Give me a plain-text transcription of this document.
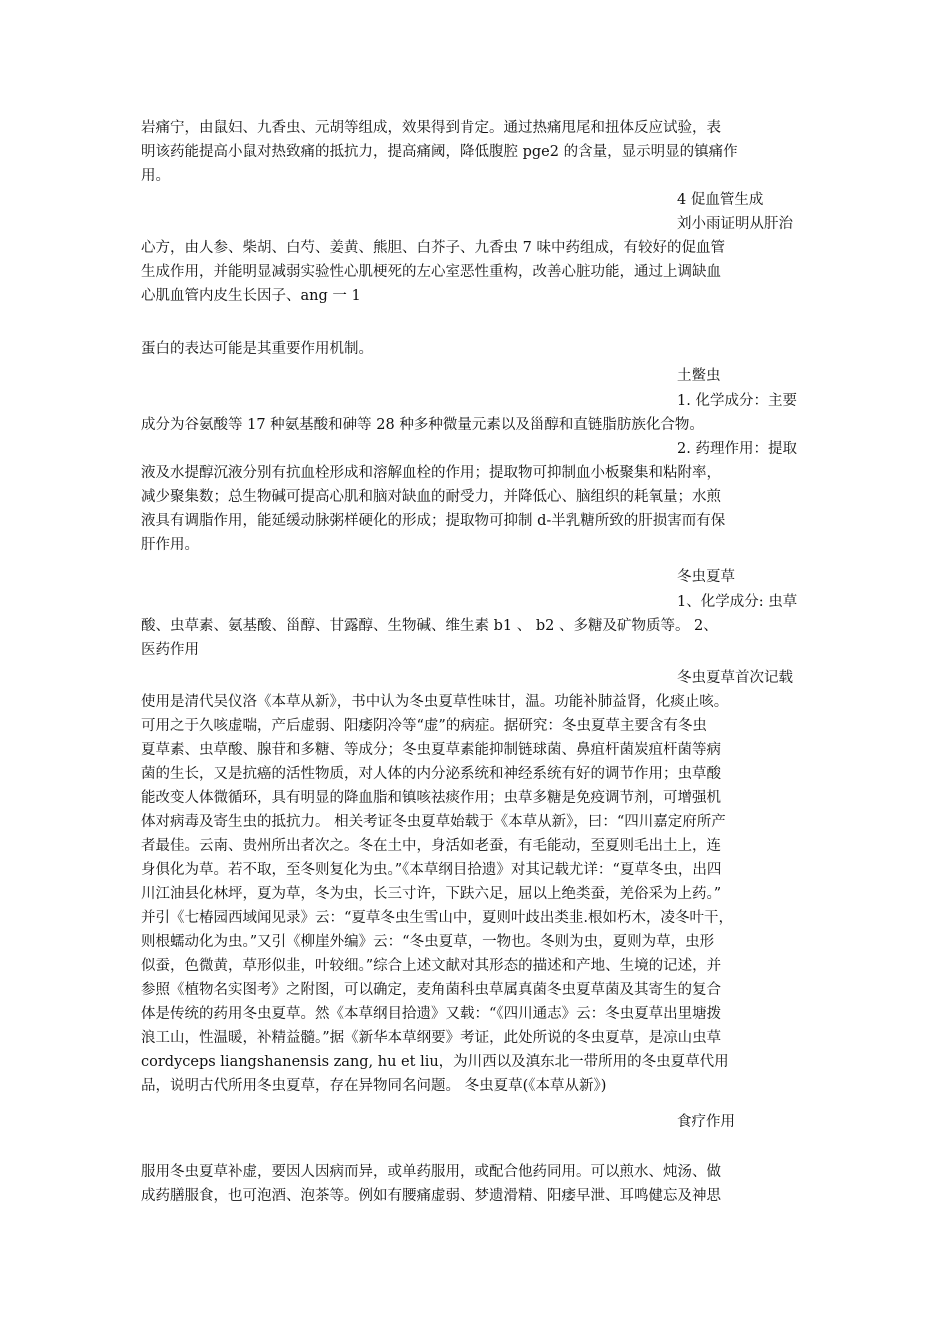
岩痛宁，由鼠妇、九香虫、元胡等组成，效果得到肯定。通过热痛甩尾和扭体反应试验，表
明该药能提高小鼠对热致痛的抵抗力，提高痛阈，降低腹腔 pge2 的含量，显示明显的镇痛作
用。
4 促血管生成
刘小雨证明从肝治
心方，由人参、柴胡、白芍、姜黄、熊胆、白芥子、九香虫 7 味中药组成，有较好的促血管
生成作用，并能明显减弱实验性心肌梗死的左心室恶性重构，改善心脏功能，通过上调缺血
心肌血管内皮生长因子、ang 一 1
蛋白的表达可能是其重要作用机制。
土鳖虫
1. 化学成分：主要
成分为谷氨酸等 17 种氨基酸和砷等 28 种多种微量元素以及甾醇和直链脂肪族化合物。
2. 药理作用：提取
液及水提醇沉液分别有抗血栓形成和溶解血栓的作用；提取物可抑制血小板聚集和粘附率，
减少聚集数；总生物碱可提高心肌和脑对缺血的耐受力，并降低心、脑组织的耗氧量；水煎
液具有调脂作用，能延缓动脉粥样硬化的形成；提取物可抑制 d-半乳糖所致的肝损害而有保
肝作用。
冬虫夏草
1、化学成分: 虫草
酸、虫草素、氨基酸、甾醇、甘露醇、生物碱、维生素 b1 、 b2 、多糖及矿物质等。 2、
医药作用
冬虫夏草首次记载
使用是清代吴仪洛《本草从新》，书中认为冬虫夏草性味甘，温。功能补肺益肾，化痰止咳。
可用之于久咳虚喘，产后虚弱、阳痿阴冷等“虚”的病症。据研究：冬虫夏草主要含有冬虫
夏草素、虫草酸、腺苷和多糖、等成分；冬虫夏草素能抑制链球菌、鼻疽杆菌炭疽杆菌等病
菌的生长，又是抗癌的活性物质，对人体的内分泌系统和神经系统有好的调节作用；虫草酸
能改变人体微循环，具有明显的降血脂和镇咳祛痰作用；虫草多糖是免疫调节剂，可增强机
体对病毒及寄生虫的抵抗力。 相关考证冬虫夏草始载于《本草从新》，曰：“四川嘉定府所产
者最佳。云南、贵州所出者次之。冬在土中，身活如老蚕，有毛能动，至夏则毛出土上，连
身俱化为草。若不取，至冬则复化为虫。”《本草纲目拾遗》对其记载尤详：“夏草冬虫，出四
川江油县化林坪，夏为草，冬为虫，长三寸许，下趺六足，屈以上绝类蚕，羌俗采为上药。”
并引《七椿园西域闻见录》云：“夏草冬虫生雪山中，夏则叶歧出类韭.根如朽木，凌冬叶干，
则根蠕动化为虫。”又引《柳崖外编》云：“冬虫夏草，一物也。冬则为虫，夏则为草，虫形
似蚕，色微黄，草形似韭，叶较细。”综合上述文献对其形态的描述和产地、生境的记述，并
参照《植物名实图考》之附图，可以确定，麦角菌科虫草属真菌冬虫夏草菌及其寄生的复合
体是传统的药用冬虫夏草。然《本草纲目拾遗》又载：“《四川通志》云：冬虫夏草出里塘拨
浪工山，性温暖，补精益髓。”据《新华本草纲要》考证，此处所说的冬虫夏草，是凉山虫草
cordyceps liangshanensis zang, hu et liu，为川西以及滇东北一带所用的冬虫夏草代用
品，说明古代所用冬虫夏草，存在异物同名问题。 冬虫夏草(《本草从新》)
食疗作用
服用冬虫夏草补虚，要因人因病而异，或单药服用，或配合他药同用。可以煎水、炖汤、做
成药膳服食，也可泡酒、泡茶等。例如有腰痛虚弱、梦遗滑精、阳痿早泄、耳鸣健忘及神思
